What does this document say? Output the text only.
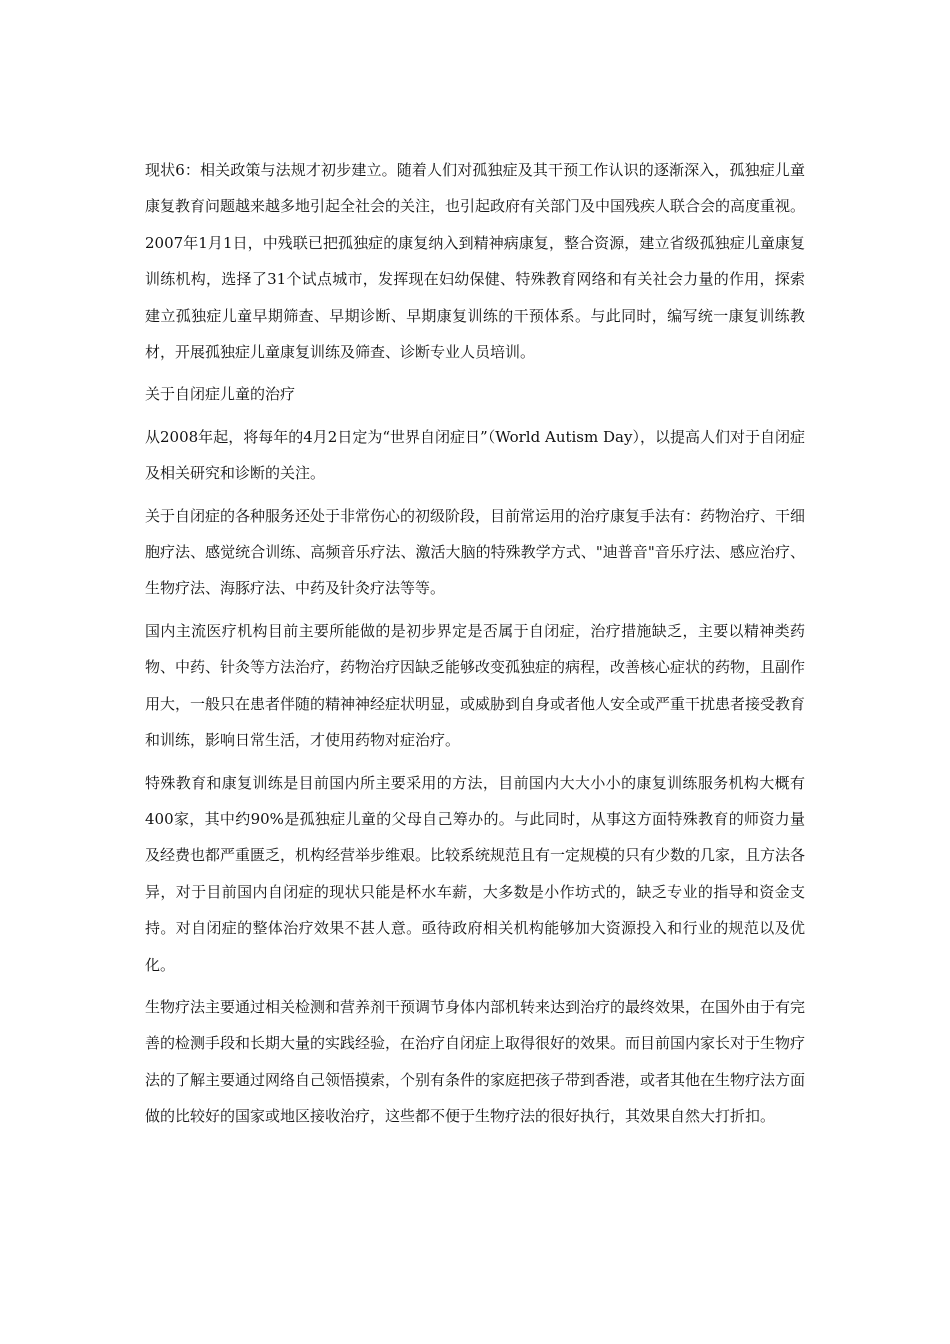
现状6：相关政策与法规才初步建立。随着人们对孤独症及其干预工作认识的逐渐深入，孤独症儿童康复教育问题越来越多地引起全社会的关注，也引起政府有关部门及中国残疾人联合会的高度重视。2007年1月1日，中残联已把孤独症的康复纳入到精神病康复，整合资源，建立省级孤独症儿童康复训练机构，选择了31个试点城市，发挥现在妇幼保健、特殊教育网络和有关社会力量的作用，探索建立孤独症儿童早期筛查、早期诊断、早期康复训练的干预体系。与此同时，编写统一康复训练教材，开展孤独症儿童康复训练及筛查、诊断专业人员培训。

关于自闭症儿童的治疗

从2008年起，将每年的4月2日定为“世界自闭症日”（World Autism Day），以提高人们对于自闭症及相关研究和诊断的关注。

关于自闭症的各种服务还处于非常伤心的初级阶段，目前常运用的治疗康复手法有：药物治疗、干细胞疗法、感觉统合训练、高频音乐疗法、激活大脑的特殊教学方式、"迪普音"音乐疗法、感应治疗、生物疗法、海豚疗法、中药及针灸疗法等等。

国内主流医疗机构目前主要所能做的是初步界定是否属于自闭症，治疗措施缺乏，主要以精神类药物、中药、针灸等方法治疗，药物治疗因缺乏能够改变孤独症的病程，改善核心症状的药物，且副作用大，一般只在患者伴随的精神神经症状明显，或威胁到自身或者他人安全或严重干扰患者接受教育和训练，影响日常生活，才使用药物对症治疗。

特殊教育和康复训练是目前国内所主要采用的方法，目前国内大大小小的康复训练服务机构大概有400家，其中约90%是孤独症儿童的父母自己筹办的。与此同时，从事这方面特殊教育的师资力量及经费也都严重匮乏，机构经营举步维艰。比较系统规范且有一定规模的只有少数的几家，且方法各异，对于目前国内自闭症的现状只能是杯水车薪，大多数是小作坊式的，缺乏专业的指导和资金支持。对自闭症的整体治疗效果不甚人意。亟待政府相关机构能够加大资源投入和行业的规范以及优化。

生物疗法主要通过相关检测和营养剂干预调节身体内部机转来达到治疗的最终效果，在国外由于有完善的检测手段和长期大量的实践经验，在治疗自闭症上取得很好的效果。而目前国内家长对于生物疗法的了解主要通过网络自己领悟摸索，个别有条件的家庭把孩子带到香港，或者其他在生物疗法方面做的比较好的国家或地区接收治疗，这些都不便于生物疗法的很好执行，其效果自然大打折扣。
